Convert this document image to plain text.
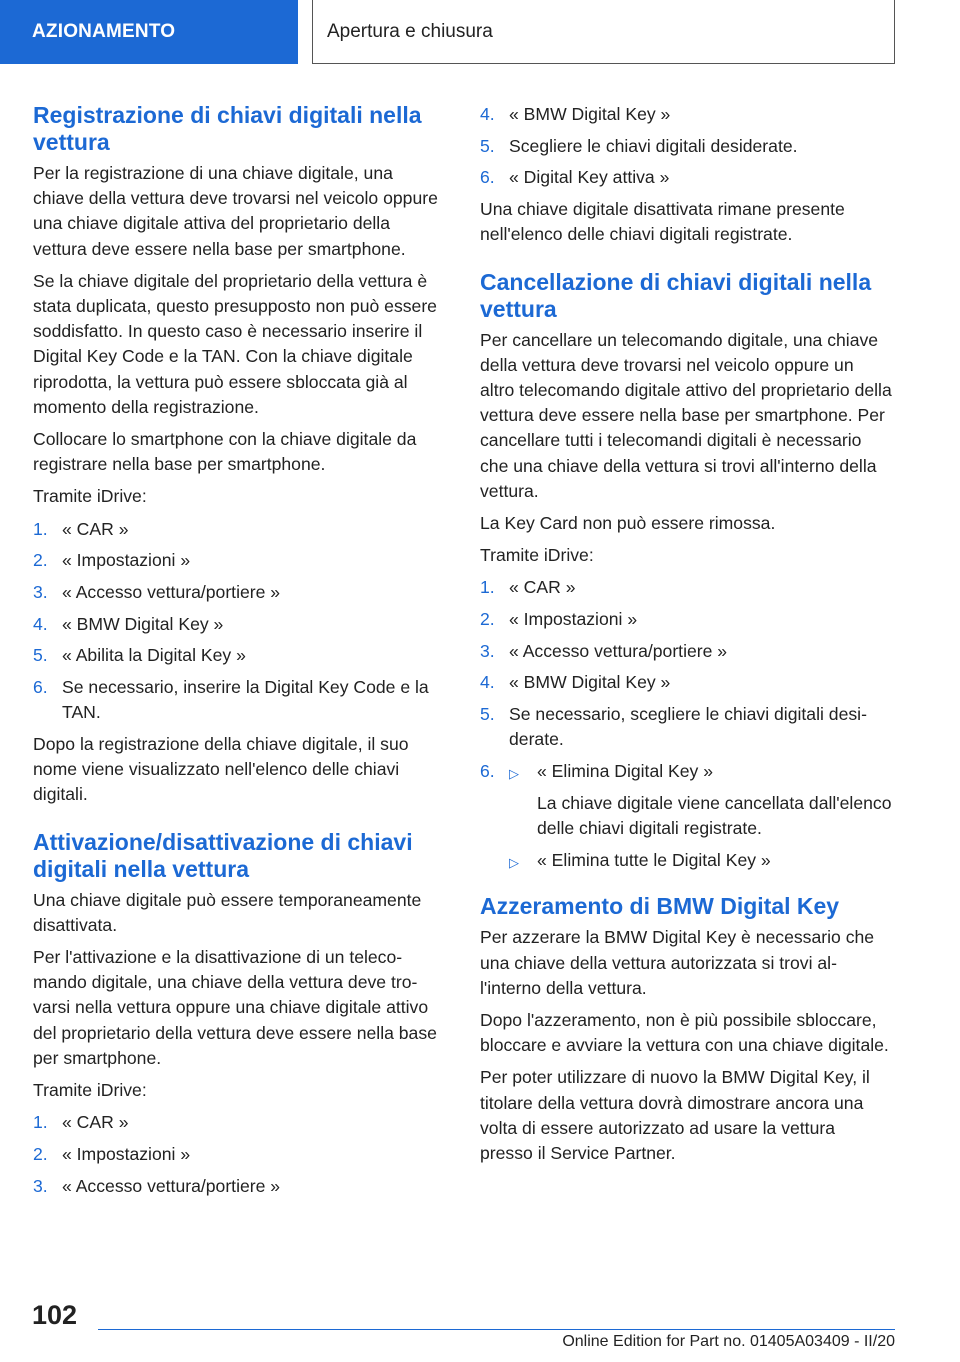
AZIONAMENTO	Apertura e chiusura
Registrazione di chiavi digitali nella vettura

Per la registrazione di una chiave digitale, una chiave della vettura deve trovarsi nel veicolo oppure una chiave digitale attiva del proprietario della vettura deve essere nella base per smartphone.

Se la chiave digitale del proprietario della vettura è stata duplicata, questo presupposto non può essere soddisfatto. In questo caso è necessario inserire il Digital Key Code e la TAN. Con la chiave digitale riprodotta, la vettura può essere sbloccata già al momento della registrazione.

Collocare lo smartphone con la chiave digitale da registrare nella base per smartphone.

Tramite iDrive:

1. « CAR »
2. « Impostazioni »
3. « Accesso vettura/portiere »
4. « BMW Digital Key »
5. « Abilita la Digital Key »
6. Se necessario, inserire la Digital Key Code e la TAN.

Dopo la registrazione della chiave digitale, il suo nome viene visualizzato nell'elenco delle chiavi digitali.

Attivazione/disattivazione di chiavi digitali nella vettura

Una chiave digitale può essere temporaneamente disattivata.

Per l'attivazione e la disattivazione di un telecomando digitale, una chiave della vettura deve trovarsi nella vettura oppure una chiave digitale attivo del proprietario della vettura deve essere nella base per smartphone.

Tramite iDrive:

1. « CAR »
2. « Impostazioni »
3. « Accesso vettura/portiere »
4. « BMW Digital Key »
5. Scegliere le chiavi digitali desiderate.
6. « Digital Key attiva »

Una chiave digitale disattivata rimane presente nell'elenco delle chiavi digitali registrate.

Cancellazione di chiavi digitali nella vettura

Per cancellare un telecomando digitale, una chiave della vettura deve trovarsi nel veicolo oppure un altro telecomando digitale attivo del proprietario della vettura deve essere nella base per smartphone. Per cancellare tutti i telecomandi digitali è necessario che una chiave della vettura si trovi all'interno della vettura.

La Key Card non può essere rimossa.

Tramite iDrive:

1. « CAR »
2. « Impostazioni »
3. « Accesso vettura/portiere »
4. « BMW Digital Key »
5. Se necessario, scegliere le chiavi digitali desiderate.
6. ▷ « Elimina Digital Key »
La chiave digitale viene cancellata dall'elenco delle chiavi digitali registrate.
▷ « Elimina tutte le Digital Key »
Azzeramento di BMW Digital Key

Per azzerare la BMW Digital Key è necessario che una chiave della vettura autorizzata si trovi all'interno della vettura.

Dopo l'azzeramento, non è più possibile sbloccare, bloccare e avviare la vettura con una chiave digitale.

Per poter utilizzare di nuovo la BMW Digital Key, il titolare della vettura dovrà dimostrare ancora una volta di essere autorizzato ad usare la vettura presso il Service Partner.

102
Online Edition for Part no. 01405A03409 - II/20
